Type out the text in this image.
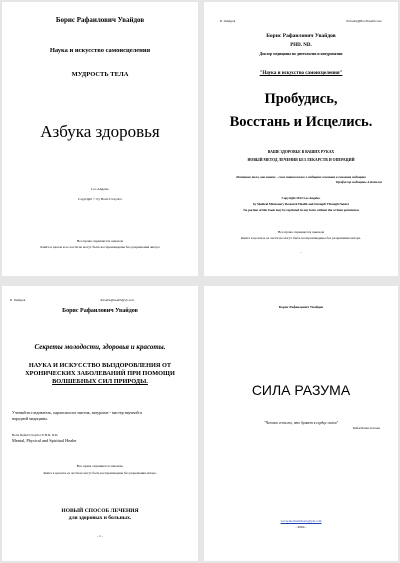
Борис Рафаилович Увайдов
Наука и искусство самоисцеления
МУДРОСТЬ ТЕЛА
Азбука здоровья
Los Angeles
Copyright © by Boris Uvaydov
Все права охраняются законом
Книга в целом и ее части не могут быть воспроизведены без разрешения автора
Б. Увайдов	Pobudis@Bornihealth.com
Борис Рафаилович Увайдов
PHD. ND.
Доктор медицины по диетологии и натуропатии
"Наука и искусство самоисцеления"
Пробудись,
Восстань и Исцелись.
ВАШЕ ЗДОРОВЬЕ В ВАШИХ РУКАХ
НОВЫЙ МЕТОД ЛЕЧЕНИЯ БЕЗ ЛЕКАРСТВ И ОПЕРАЦИЙ
Истинное тело, как знание – сила знания тоже в медицине основная и основная медицина
Профессор медицины А.Бетелое
Copyright 2012 Los Angeles.
by Medical Missionary Research Health and Strength Through Nature
No portion of this book may be reprinted in any form without the written permission
Все права охраняются законом
Книга в целом и ее части не могут быть воспроизведены без разрешения автора.
·
Б. Увайдов	Jubudis@health@yh.com
Борис Рафаилович Увайдов
Секреты молодости, здоровья и красоты.
НАУКА И ИСКУССТВО ВЫЗДОРОВЛЕНИЯ ОТ
ХРОНИЧЕСКИХ ЗАБОЛЕВАНИЙ ПРИ ПОМОЩИ
ВОЛШЕБНЫХ СИЛ ПРИРОДЫ.
Ученый-исследователь, парапсихолог мистик, натуропат - мастер научной и
народной медицины.
Boris Rafael Uvaydov P.H.D. N.D.
Mental, Physical and Spiritual Healer
Все права охраняются законом.
Книга в целом и ее части не могут быть воспроизведены без разрешения автора.
НОВЫЙ СПОСОБ ЛЕЧЕНИЯ
для здоровых и больных.
- 1 -
Борис Рафаилович Увайдов
СИЛА РАЗУМА
"Человек есть то, что думает в сердце своем"
Библейская истина
www.healwithboris@yh.com
- 2004 -
